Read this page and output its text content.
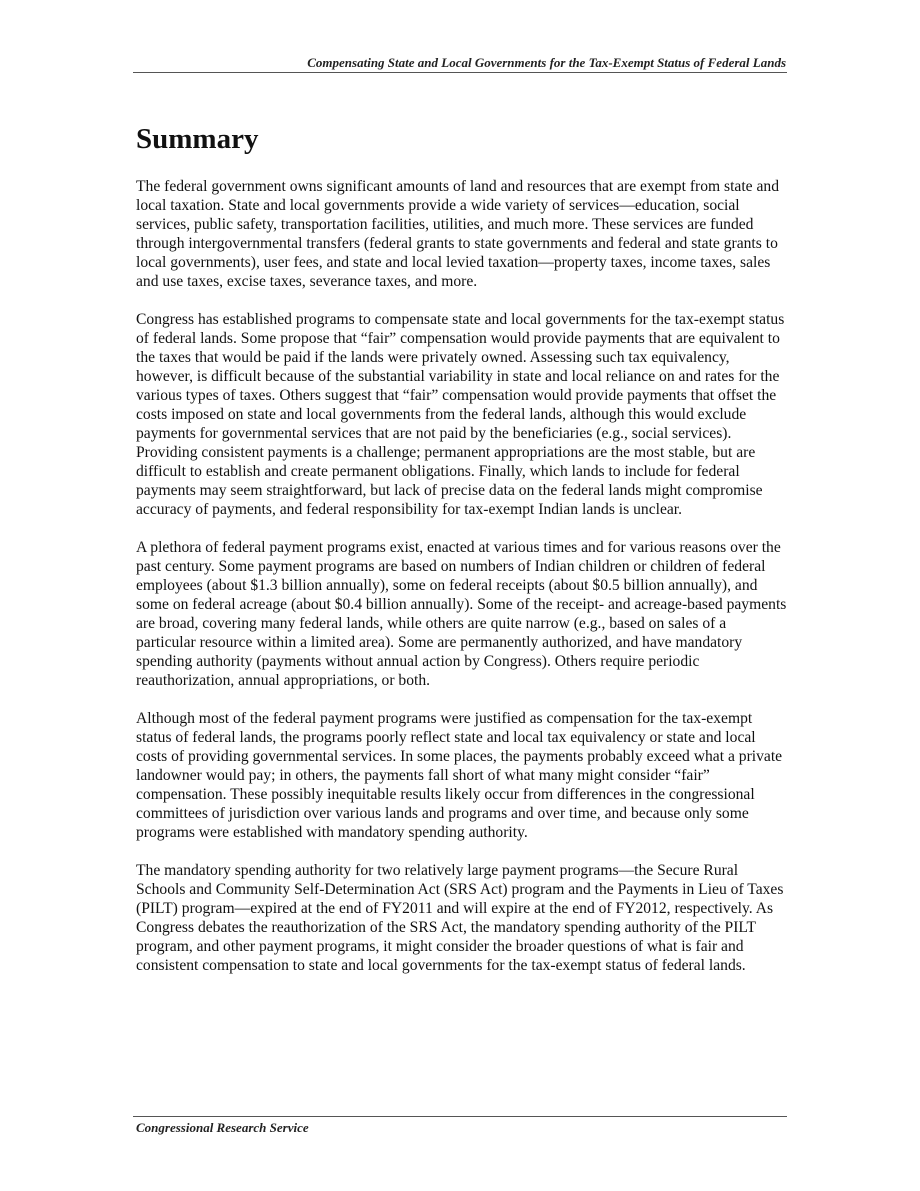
Compensating State and Local Governments for the Tax-Exempt Status of Federal Lands
Summary

The federal government owns significant amounts of land and resources that are exempt from state and local taxation. State and local governments provide a wide variety of services—education, social services, public safety, transportation facilities, utilities, and much more. These services are funded through intergovernmental transfers (federal grants to state governments and federal and state grants to local governments), user fees, and state and local levied taxation—property taxes, income taxes, sales and use taxes, excise taxes, severance taxes, and more.

Congress has established programs to compensate state and local governments for the tax-exempt status of federal lands. Some propose that “fair” compensation would provide payments that are equivalent to the taxes that would be paid if the lands were privately owned. Assessing such tax equivalency, however, is difficult because of the substantial variability in state and local reliance on and rates for the various types of taxes. Others suggest that “fair” compensation would provide payments that offset the costs imposed on state and local governments from the federal lands, although this would exclude payments for governmental services that are not paid by the beneficiaries (e.g., social services). Providing consistent payments is a challenge; permanent appropriations are the most stable, but are difficult to establish and create permanent obligations. Finally, which lands to include for federal payments may seem straightforward, but lack of precise data on the federal lands might compromise accuracy of payments, and federal responsibility for tax-exempt Indian lands is unclear.

A plethora of federal payment programs exist, enacted at various times and for various reasons over the past century. Some payment programs are based on numbers of Indian children or children of federal employees (about $1.3 billion annually), some on federal receipts (about $0.5 billion annually), and some on federal acreage (about $0.4 billion annually). Some of the receipt- and acreage-based payments are broad, covering many federal lands, while others are quite narrow (e.g., based on sales of a particular resource within a limited area). Some are permanently authorized, and have mandatory spending authority (payments without annual action by Congress). Others require periodic reauthorization, annual appropriations, or both.

Although most of the federal payment programs were justified as compensation for the tax-exempt status of federal lands, the programs poorly reflect state and local tax equivalency or state and local costs of providing governmental services. In some places, the payments probably exceed what a private landowner would pay; in others, the payments fall short of what many might consider “fair” compensation. These possibly inequitable results likely occur from differences in the congressional committees of jurisdiction over various lands and programs and over time, and because only some programs were established with mandatory spending authority.

The mandatory spending authority for two relatively large payment programs—the Secure Rural Schools and Community Self-Determination Act (SRS Act) program and the Payments in Lieu of Taxes (PILT) program—expired at the end of FY2011 and will expire at the end of FY2012, respectively. As Congress debates the reauthorization of the SRS Act, the mandatory spending authority of the PILT program, and other payment programs, it might consider the broader questions of what is fair and consistent compensation to state and local governments for the tax-exempt status of federal lands.

Congressional Research Service
